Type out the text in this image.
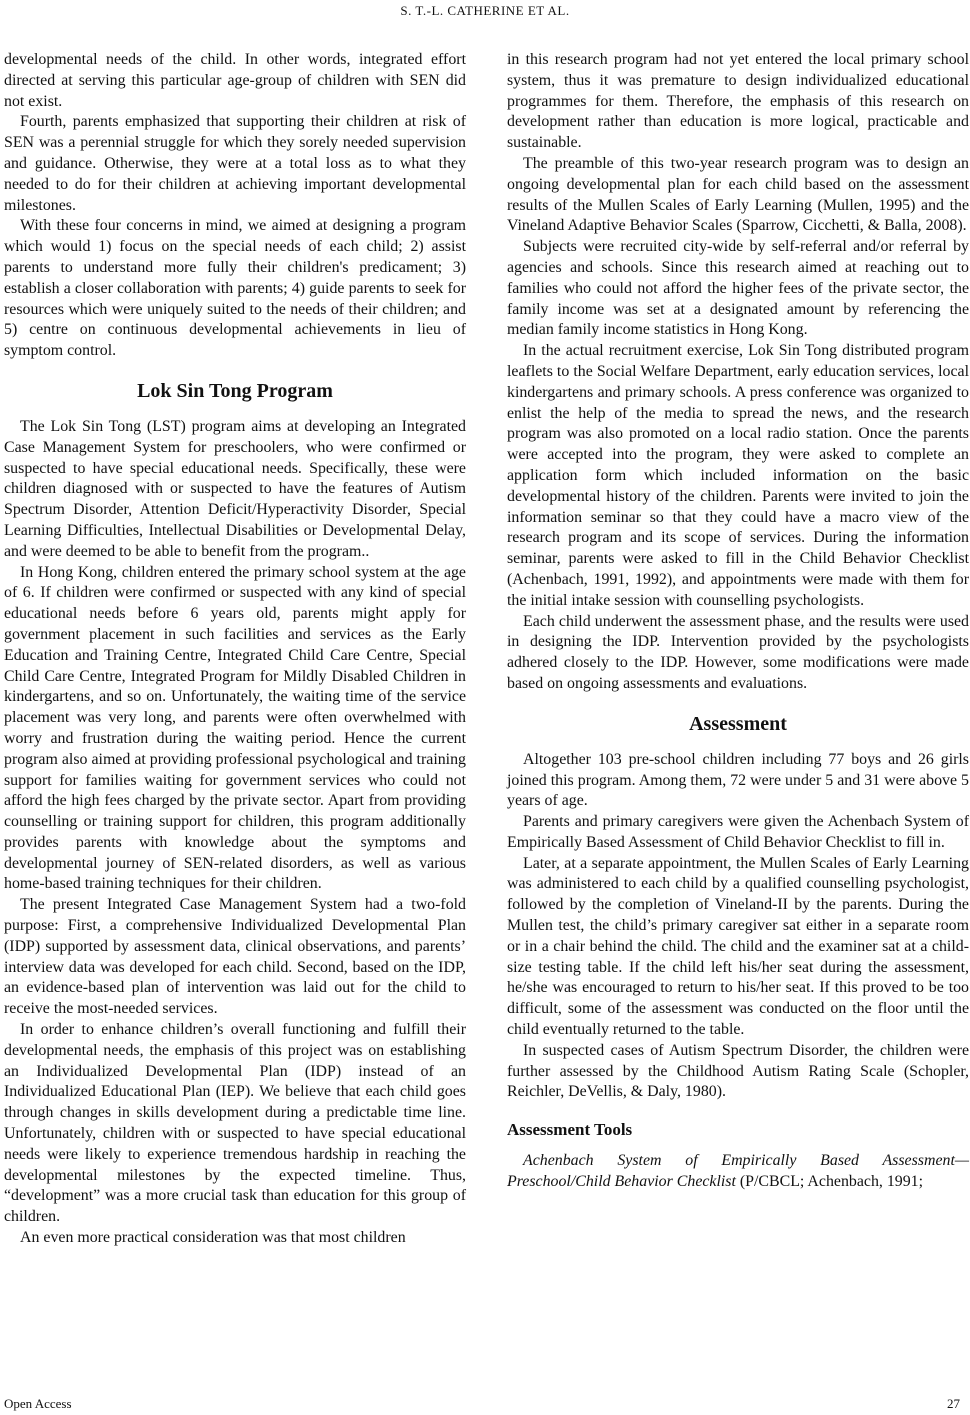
S. T.-L. CATHERINE ET AL.

developmental needs of the child. In other words, integrated effort directed at serving this particular age-group of children with SEN did not exist.

Fourth, parents emphasized that supporting their children at risk of SEN was a perennial struggle for which they sorely needed supervision and guidance. Otherwise, they were at a total loss as to what they needed to do for their children at achieving important developmental milestones.

With these four concerns in mind, we aimed at designing a program which would 1) focus on the special needs of each child; 2) assist parents to understand more fully their children's predicament; 3) establish a closer collaboration with parents; 4) guide parents to seek for resources which were uniquely suited to the needs of their children; and 5) centre on continuous developmental achievements in lieu of symptom control.

Lok Sin Tong Program

The Lok Sin Tong (LST) program aims at developing an Integrated Case Management System for preschoolers, who were confirmed or suspected to have special educational needs. Specifically, these were children diagnosed with or suspected to have the features of Autism Spectrum Disorder, Attention Deficit/Hyperactivity Disorder, Special Learning Difficulties, Intellectual Disabilities or Developmental Delay, and were deemed to be able to benefit from the program..

In Hong Kong, children entered the primary school system at the age of 6. If children were confirmed or suspected with any kind of special educational needs before 6 years old, parents might apply for government placement in such facilities and services as the Early Education and Training Centre, Integrated Child Care Centre, Special Child Care Centre, Integrated Program for Mildly Disabled Children in kindergartens, and so on. Unfortunately, the waiting time of the service placement was very long, and parents were often overwhelmed with worry and frustration during the waiting period. Hence the current program also aimed at providing professional psychological and training support for families waiting for government services who could not afford the high fees charged by the private sector. Apart from providing counselling or training support for children, this program additionally provides parents with knowledge about the symptoms and developmental journey of SEN-related disorders, as well as various home-based training techniques for their children.

The present Integrated Case Management System had a two-fold purpose: First, a comprehensive Individualized Developmental Plan (IDP) supported by assessment data, clinical observations, and parents’ interview data was developed for each child. Second, based on the IDP, an evidence-based plan of intervention was laid out for the child to receive the most-needed services.

In order to enhance children’s overall functioning and fulfill their developmental needs, the emphasis of this project was on establishing an Individualized Developmental Plan (IDP) instead of an Individualized Educational Plan (IEP). We believe that each child goes through changes in skills development during a predictable time line. Unfortunately, children with or suspected to have special educational needs were likely to experience tremendous hardship in reaching the developmental milestones by the expected timeline. Thus, “development” was a more crucial task than education for this group of children.

An even more practical consideration was that most children

in this research program had not yet entered the local primary school system, thus it was premature to design individualized educational programmes for them. Therefore, the emphasis of this research on development rather than education is more logical, practicable and sustainable.

The preamble of this two-year research program was to design an ongoing developmental plan for each child based on the assessment results of the Mullen Scales of Early Learning (Mullen, 1995) and the Vineland Adaptive Behavior Scales (Sparrow, Cicchetti, & Balla, 2008).

Subjects were recruited city-wide by self-referral and/or referral by agencies and schools. Since this research aimed at reaching out to families who could not afford the higher fees of the private sector, the family income was set at a designated amount by referencing the median family income statistics in Hong Kong.

In the actual recruitment exercise, Lok Sin Tong distributed program leaflets to the Social Welfare Department, early education services, local kindergartens and primary schools. A press conference was organized to enlist the help of the media to spread the news, and the research program was also promoted on a local radio station. Once the parents were accepted into the program, they were asked to complete an application form which included information on the basic developmental history of the children. Parents were invited to join the information seminar so that they could have a macro view of the research program and its scope of services. During the information seminar, parents were asked to fill in the Child Behavior Checklist (Achenbach, 1991, 1992), and appointments were made with them for the initial intake session with counselling psychologists.

Each child underwent the assessment phase, and the results were used in designing the IDP. Intervention provided by the psychologists adhered closely to the IDP. However, some modifications were made based on ongoing assessments and evaluations.

Assessment

Altogether 103 pre-school children including 77 boys and 26 girls joined this program. Among them, 72 were under 5 and 31 were above 5 years of age.

Parents and primary caregivers were given the Achenbach System of Empirically Based Assessment of Child Behavior Checklist to fill in.

Later, at a separate appointment, the Mullen Scales of Early Learning was administered to each child by a qualified counselling psychologist, followed by the completion of Vineland-II by the parents. During the Mullen test, the child’s primary caregiver sat either in a separate room or in a chair behind the child. The child and the examiner sat at a child-size testing table. If the child left his/her seat during the assessment, he/she was encouraged to return to his/her seat. If this proved to be too difficult, some of the assessment was conducted on the floor until the child eventually returned to the table.

In suspected cases of Autism Spectrum Disorder, the children were further assessed by the Childhood Autism Rating Scale (Schopler, Reichler, DeVellis, & Daly, 1980).

Assessment Tools

Achenbach System of Empirically Based Assessment—Preschool/Child Behavior Checklist (P/CBCL; Achenbach, 1991;

Open Access	27
